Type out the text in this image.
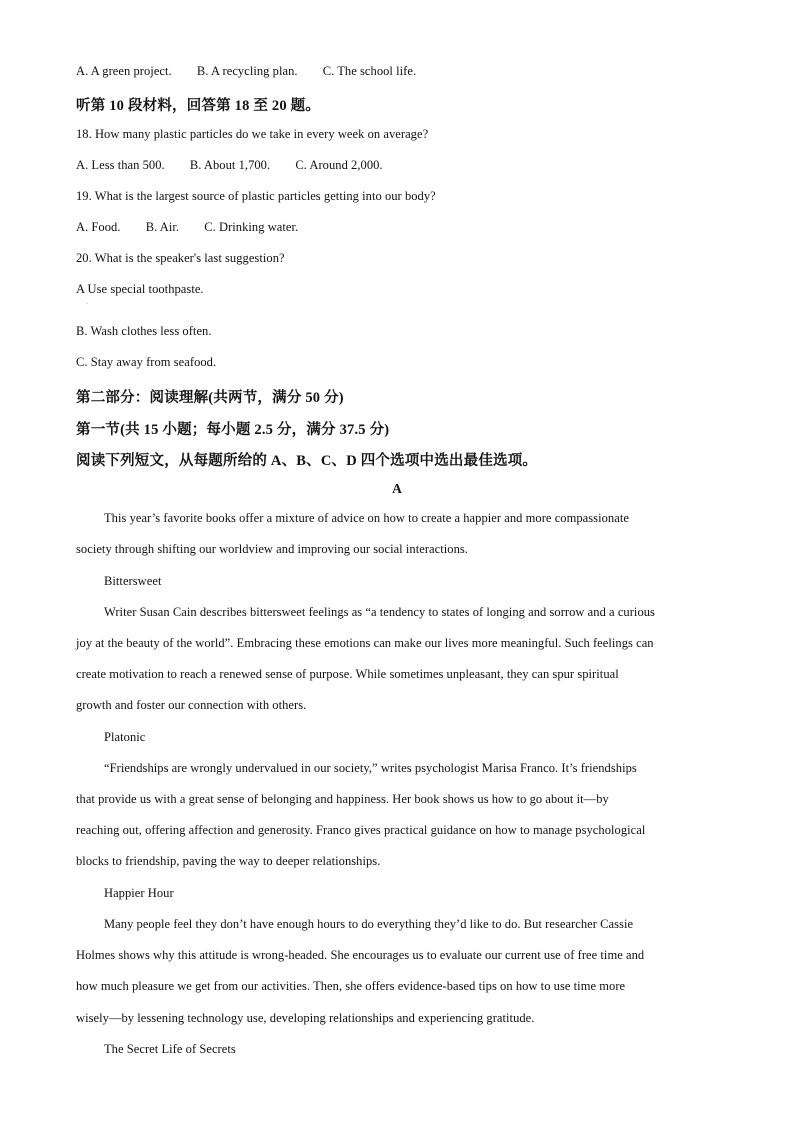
A. A green project. B. A recycling plan. C. The school life.
听第 10 段材料，回答第 18 至 20 题。
18. How many plastic particles do we take in every week on average?
A. Less than 500. B. About 1,700. C. Around 2,000.
19. What is the largest source of plastic particles getting into our body?
A. Food. B. Air. C. Drinking water.
20. What is the speaker's last suggestion?
A Use special toothpaste.
·
B. Wash clothes less often.
C. Stay away from seafood.
第二部分：阅读理解(共两节，满分 50 分)
第一节(共 15 小题；每小题 2.5 分，满分 37.5 分)
阅读下列短文，从每题所给的 A、B、C、D 四个选项中选出最佳选项。
A
This year’s favorite books offer a mixture of advice on how to create a happier and more compassionate
society through shifting our worldview and improving our social interactions.
Bittersweet
Writer Susan Cain describes bittersweet feelings as “a tendency to states of longing and sorrow and a curious
joy at the beauty of the world”. Embracing these emotions can make our lives more meaningful. Such feelings can
create motivation to reach a renewed sense of purpose. While sometimes unpleasant, they can spur spiritual
growth and foster our connection with others.
Platonic
“Friendships are wrongly undervalued in our society,” writes psychologist Marisa Franco. It’s friendships
that provide us with a great sense of belonging and happiness. Her book shows us how to go about it—by
reaching out, offering affection and generosity. Franco gives practical guidance on how to manage psychological
blocks to friendship, paving the way to deeper relationships.
Happier Hour
Many people feel they don’t have enough hours to do everything they’d like to do. But researcher Cassie
Holmes shows why this attitude is wrong-headed. She encourages us to evaluate our current use of free time and
how much pleasure we get from our activities. Then, she offers evidence-based tips on how to use time more
wisely—by lessening technology use, developing relationships and experiencing gratitude.
The Secret Life of Secrets
